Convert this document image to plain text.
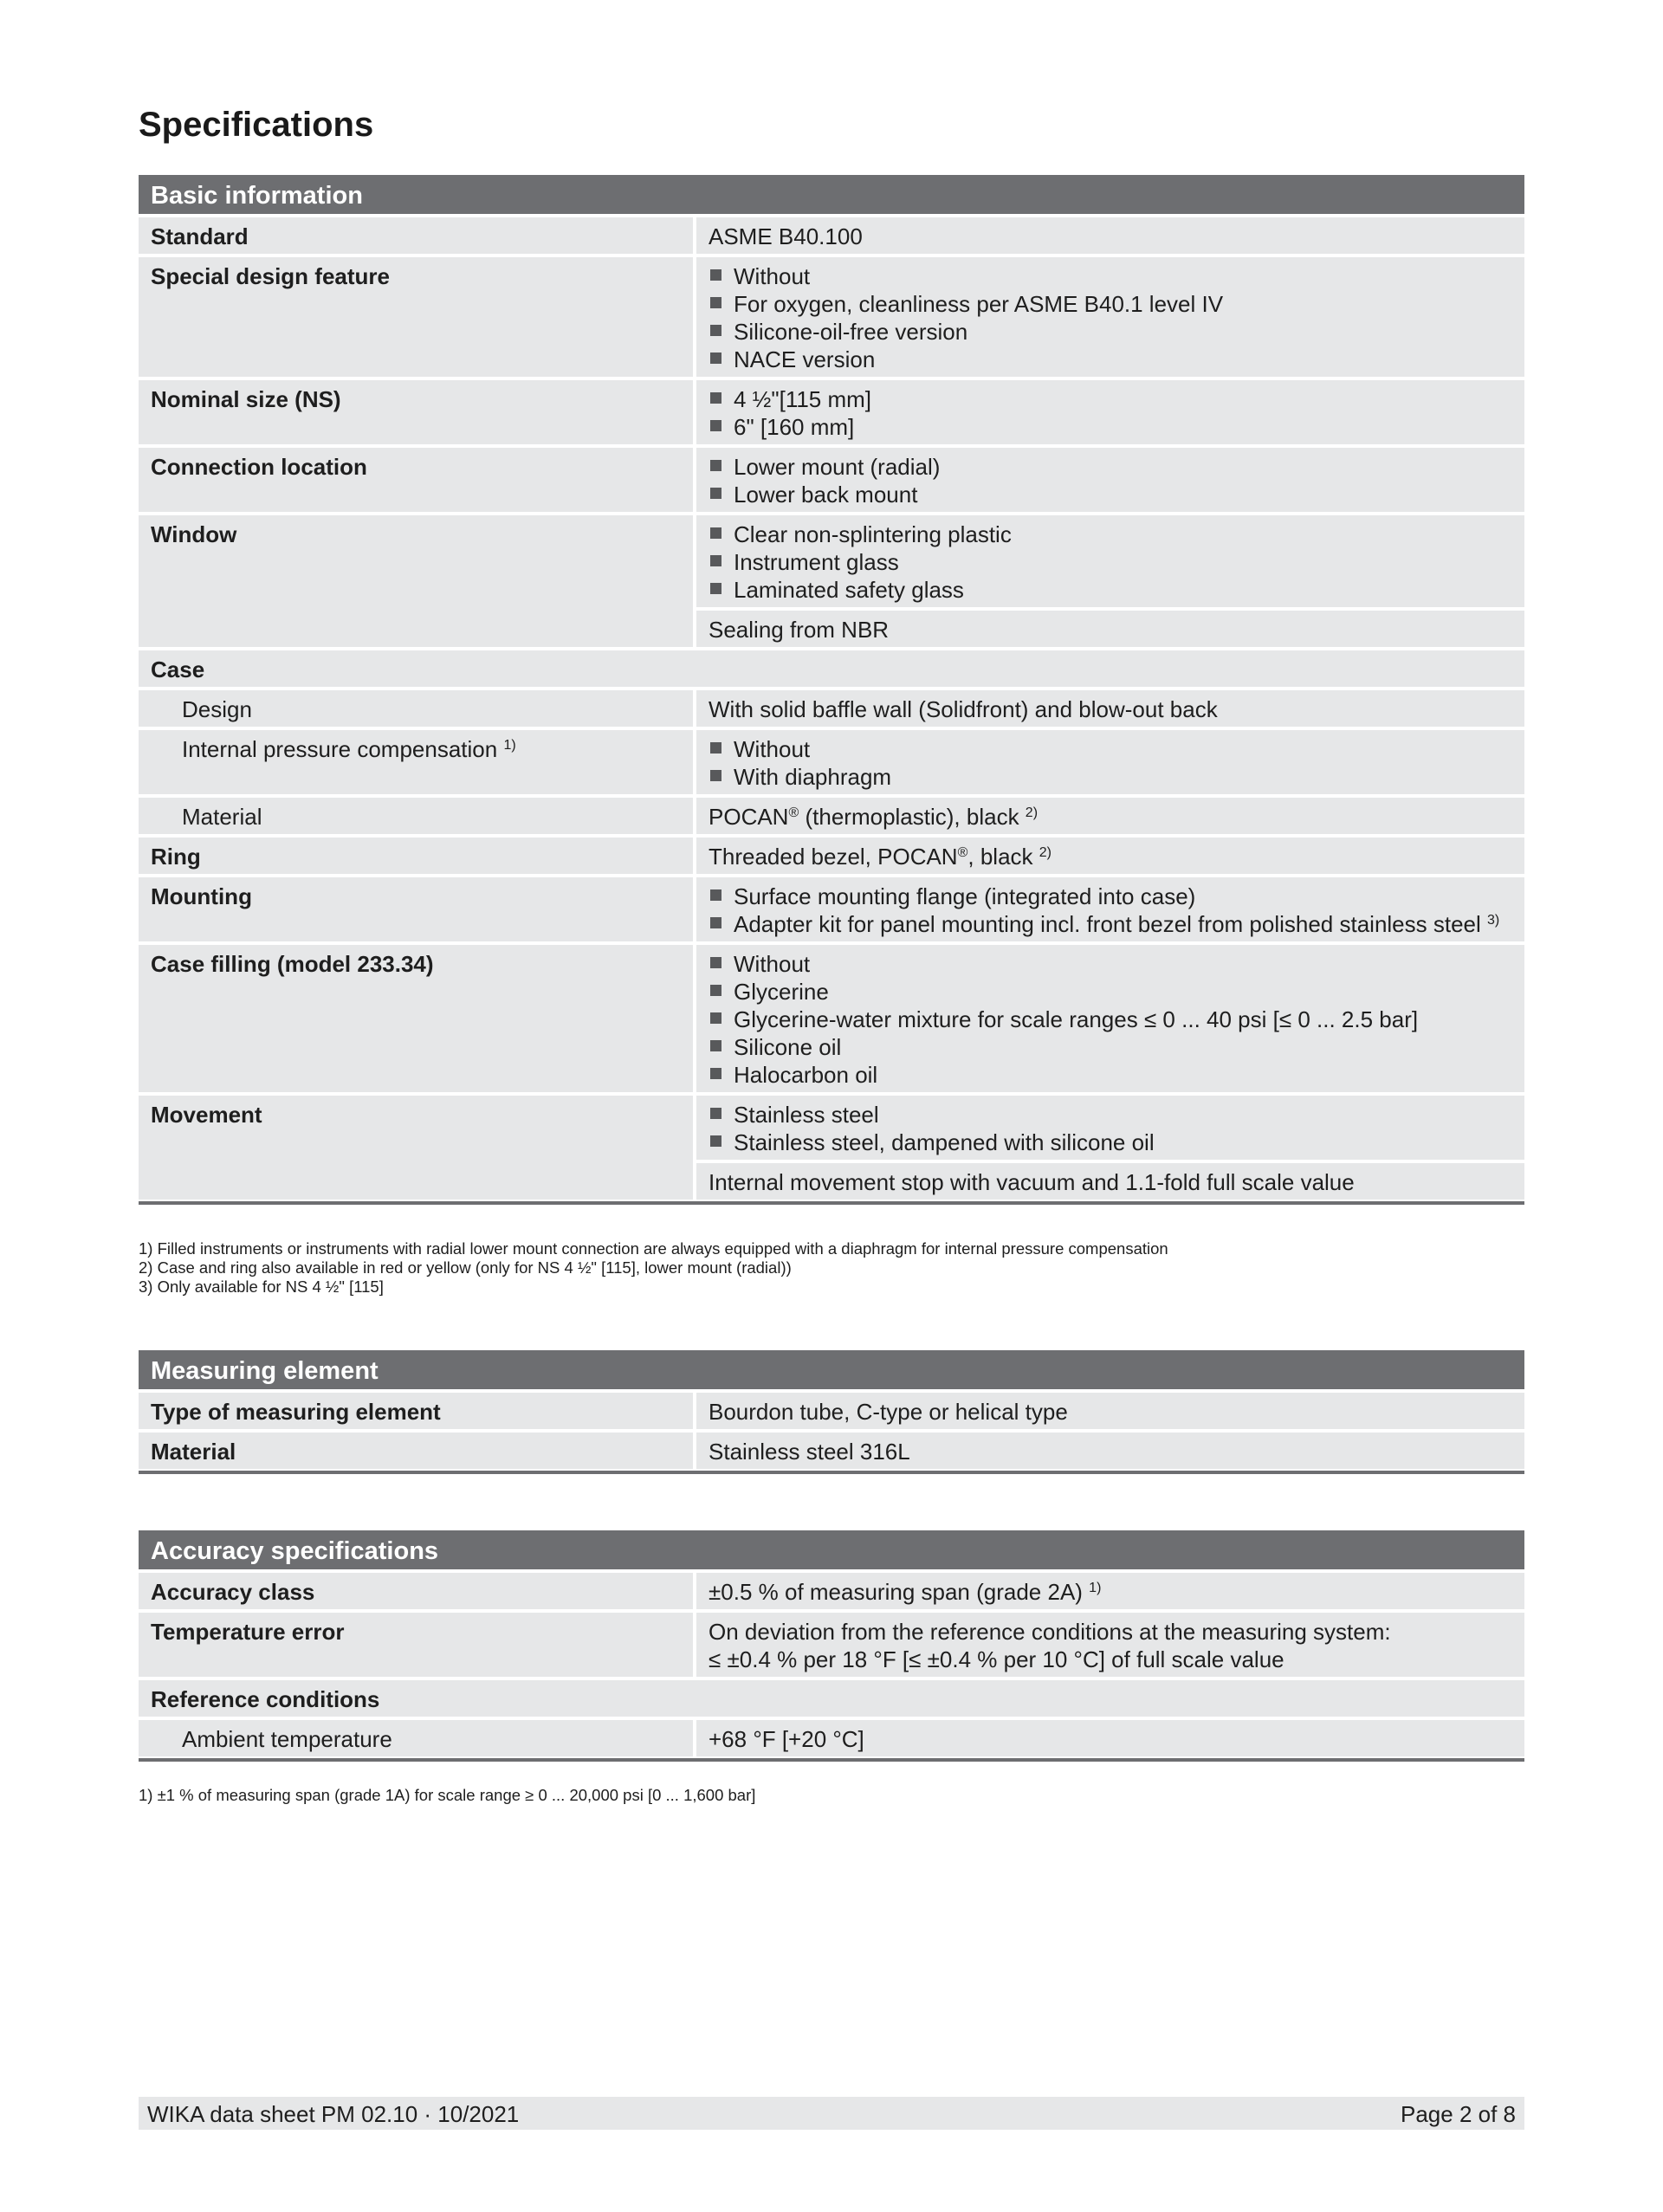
Specifications
Basic information
Standard	ASME B40.100
Special design feature	Without
For oxygen, cleanliness per ASME B40.1 level IV
Silicone-oil-free version
NACE version
Nominal size (NS)	4 ½"[115 mm]
6" [160 mm]
Connection location	Lower mount (radial)
Lower back mount
Window	Clear non-splintering plastic
Instrument glass
Laminated safety glass
Sealing from NBR
Case
Design	With solid baffle wall (Solidfront) and blow-out back
Internal pressure compensation $^{1)}$	Without
With diaphragm
Material	POCAN® (thermoplastic), black $^{2)}$
Ring	Threaded bezel, POCAN®, black $^{2)}$
Mounting	Surface mounting flange (integrated into case)
Adapter kit for panel mounting incl. front bezel from polished stainless steel
$^{3)}$
Case filling (model 233.34)	Without
Glycerine
Glycerine-water mixture for scale ranges ≤ 0 ... 40 psi [≤ 0 ... 2.5 bar]
Silicone oil
Halocarbon oil
Movement	Stainless steel
Stainless steel, dampened with silicone oil
Internal movement stop with vacuum and 1.1-fold full scale value
1) Filled instruments or instruments with radial lower mount connection are always equipped with a diaphragm for internal pressure compensation
2) Case and ring also available in red or yellow (only for NS 4 ½" [115], lower mount (radial))
3) Only available for NS 4 ½" [115]
Measuring element
Type of measuring element	Bourdon tube, C-type or helical type
Material	Stainless steel 316L
Accuracy specifications
Accuracy class	±0.5 % of measuring span (grade 2A) $^{1)}$
Temperature error	On deviation from the reference conditions at the measuring system:
≤ ±0.4 % per 18 °F [≤ ±0.4 % per 10 °C] of full scale value
Reference conditions
Ambient temperature	+68 °F [+20 °C]
1) ±1 % of measuring span (grade 1A) for scale range ≥ 0 ... 20,000 psi [0 ... 1,600 bar]
WIKA data sheet PM 02.10 · 10/2021	Page 2 of 8
